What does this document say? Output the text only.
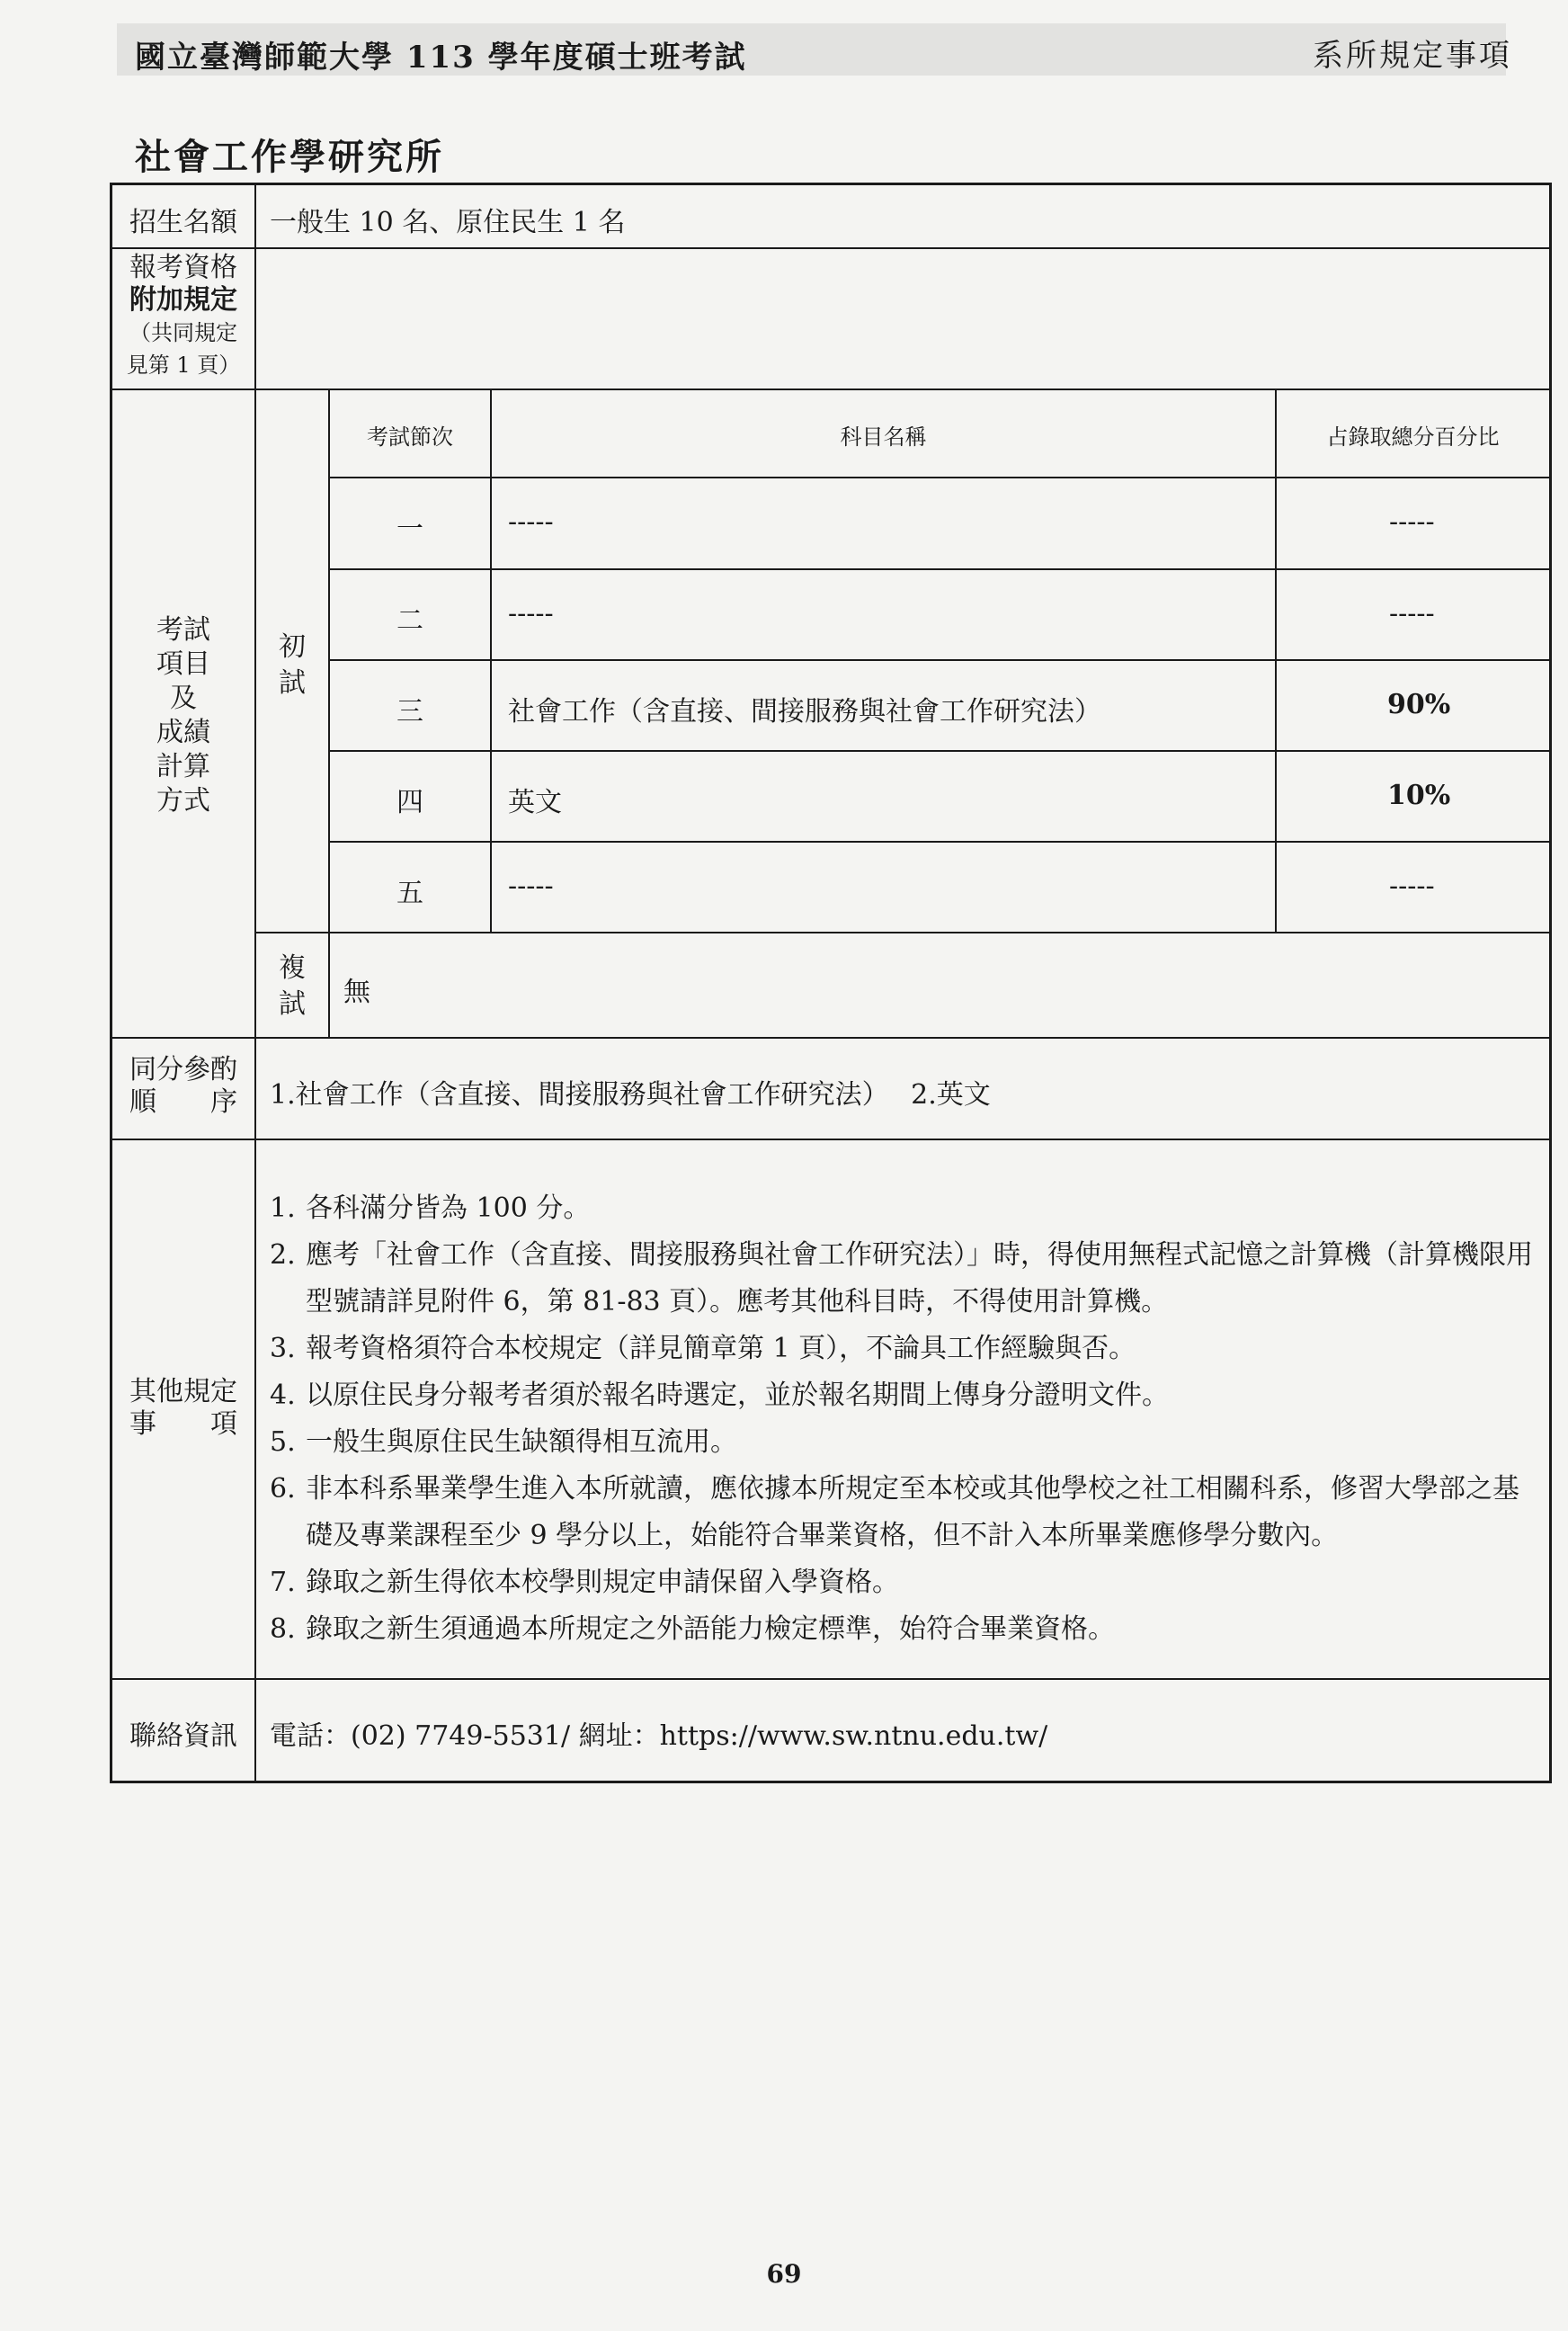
國立臺灣師範大學 113 學年度碩士班考試	系所規定事項
社會工作學研究所
招生名額	一般生 10 名、原住民生 1 名
報考資格
附加規定
（共同規定
見第 1 頁）
考試
項目
及
成績
計算
方式
初
試
考試節次	科目名稱	占錄取總分百分比
一	-----	-----
二	-----	-----
三	社會工作（含直接、間接服務與社會工作研究法）	90%
四	英文	10%
五	-----	-----
複
試	無
同分參酌
順　　序	1.社會工作（含直接、間接服務與社會工作研究法）　 2.英文
其他規定
事　　項
1. 各科滿分皆為 100 分。
2. 應考「社會工作（含直接、間接服務與社會工作研究法）」時，得使用無程式記憶之計算機（計算機限用型號請詳見附件 6，第 81-83 頁）。應考其他科目時，不得使用計算機。
3. 報考資格須符合本校規定（詳見簡章第 1 頁），不論具工作經驗與否。
4. 以原住民身分報考者須於報名時選定，並於報名期間上傳身分證明文件。
5. 一般生與原住民生缺額得相互流用。
6. 非本科系畢業學生進入本所就讀，應依據本所規定至本校或其他學校之社工相關科系，修習大學部之基礎及專業課程至少 9 學分以上，始能符合畢業資格，但不計入本所畢業應修學分數內。
7. 錄取之新生得依本校學則規定申請保留入學資格。
8. 錄取之新生須通過本所規定之外語能力檢定標準，始符合畢業資格。
聯絡資訊	電話：(02) 7749-5531/ 網址：https://www.sw.ntnu.edu.tw/
69
